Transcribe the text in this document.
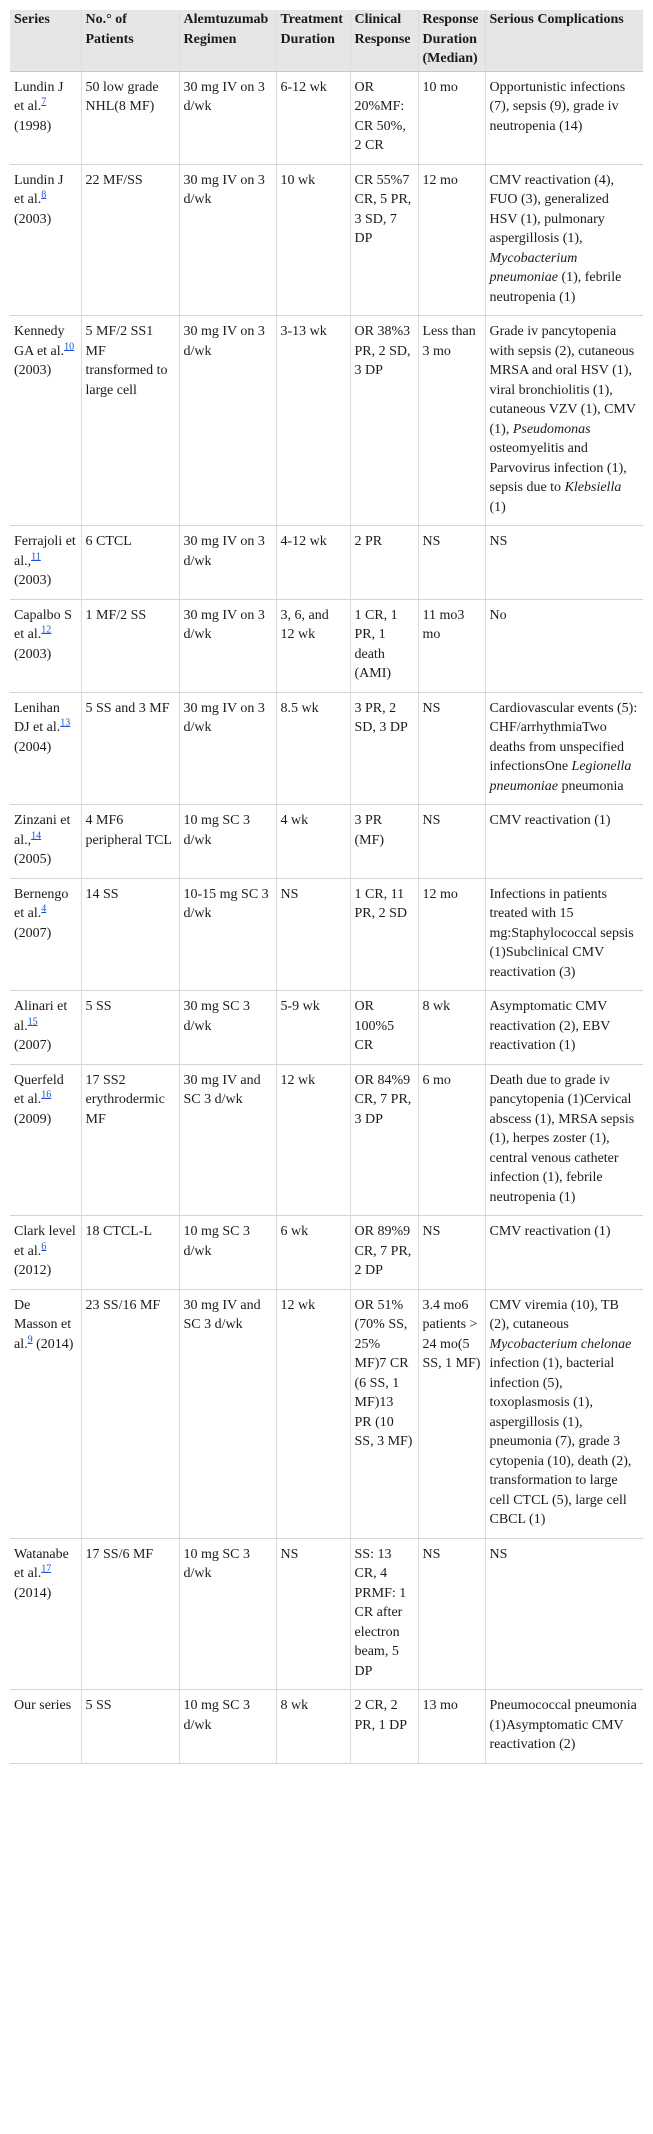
Series	No.° of Patients	Alemtuzumab Regimen	Treatment Duration	Clinical Response	Response Duration (Median)	Serious Complications
Lundin J et al.$^7$ (1998)	50 low grade NHL(8 MF)	30 mg IV on 3 d/wk	6-12 wk	OR 20%MF: CR 50%, 2 CR	10 mo	Opportunistic infections (7), sepsis (9), grade iv neutropenia (14)
Lundin J et al.$^8$ (2003)	22 MF/SS	30 mg IV on 3 d/wk	10 wk	CR 55%7 CR, 5 PR, 3 SD, 7 DP	12 mo	CMV reactivation (4), FUO (3), generalized HSV (1), pulmonary aspergillosis (1), Mycobacterium pneumoniae (1), febrile neutropenia (1)
Kennedy GA et al.$^{10}$ (2003)	5 MF/2 SS1 MF transformed to large cell	30 mg IV on 3 d/wk	3-13 wk	OR 38%3 PR, 2 SD, 3 DP	Less than 3 mo	Grade iv pancytopenia with sepsis (2), cutaneous MRSA and oral HSV (1), viral bronchiolitis (1), cutaneous VZV (1), CMV (1), Pseudomonas osteomyelitis and Parvovirus infection (1), sepsis due to Klebsiella (1)
Ferrajoli et al.,$^{11}$ (2003)	6 CTCL	30 mg IV on 3 d/wk	4-12 wk	2 PR	NS	NS
Capalbo S et al.$^{12}$ (2003)	1 MF/2 SS	30 mg IV on 3 d/wk	3, 6, and 12 wk	1 CR, 1 PR, 1 death (AMI)	11 mo3 mo	No
Lenihan DJ et al.$^{13}$ (2004)	5 SS and 3 MF	30 mg IV on 3 d/wk	8.5 wk	3 PR, 2 SD, 3 DP	NS	Cardiovascular events (5): CHF/arrhythmiaTwo deaths from unspecified infectionsOne Legionella pneumoniae pneumonia
Zinzani et al.,$^{14}$ (2005)	4 MF6 peripheral TCL	10 mg SC 3 d/wk	4 wk	3 PR (MF)	NS	CMV reactivation (1)
Bernengo et al.$^4$ (2007)	14 SS	10-15 mg SC 3 d/wk	NS	1 CR, 11 PR, 2 SD	12 mo	Infections in patients treated with 15 mg:Staphylococcal sepsis (1)Subclinical CMV reactivation (3)
Alinari et al.$^{15}$ (2007)	5 SS	30 mg SC 3 d/wk	5-9 wk	OR 100%5 CR	8 wk	Asymptomatic CMV reactivation (2), EBV reactivation (1)
Querfeld et al.$^{16}$ (2009)	17 SS2 erythrodermic MF	30 mg IV and SC 3 d/wk	12 wk	OR 84%9 CR, 7 PR, 3 DP	6 mo	Death due to grade iv pancytopenia (1)Cervical abscess (1), MRSA sepsis (1), herpes zoster (1), central venous catheter infection (1), febrile neutropenia (1)
Clark level et al.$^6$ (2012)	18 CTCL-L	10 mg SC 3 d/wk	6 wk	OR 89%9 CR, 7 PR, 2 DP	NS	CMV reactivation (1)
De Masson et al.$^9$ (2014)	23 SS/16 MF	30 mg IV and SC 3 d/wk	12 wk	OR 51% (70% SS, 25% MF)7 CR (6 SS, 1 MF)13 PR (10 SS, 3 MF)	3.4 mo6 patients > 24 mo(5 SS, 1 MF)	CMV viremia (10), TB (2), cutaneous Mycobacterium chelonae infection (1), bacterial infection (5), toxoplasmosis (1), aspergillosis (1), pneumonia (7), grade 3 cytopenia (10), death (2), transformation to large cell CTCL (5), large cell CBCL (1)
Watanabe et al.$^{17}$ (2014)	17 SS/6 MF	10 mg SC 3 d/wk	NS	SS: 13 CR, 4 PRMF: 1 CR after electron beam, 5 DP	NS	NS
Our series	5 SS	10 mg SC 3 d/wk	8 wk	2 CR, 2 PR, 1 DP	13 mo	Pneumococcal pneumonia (1)Asymptomatic CMV reactivation (2)
